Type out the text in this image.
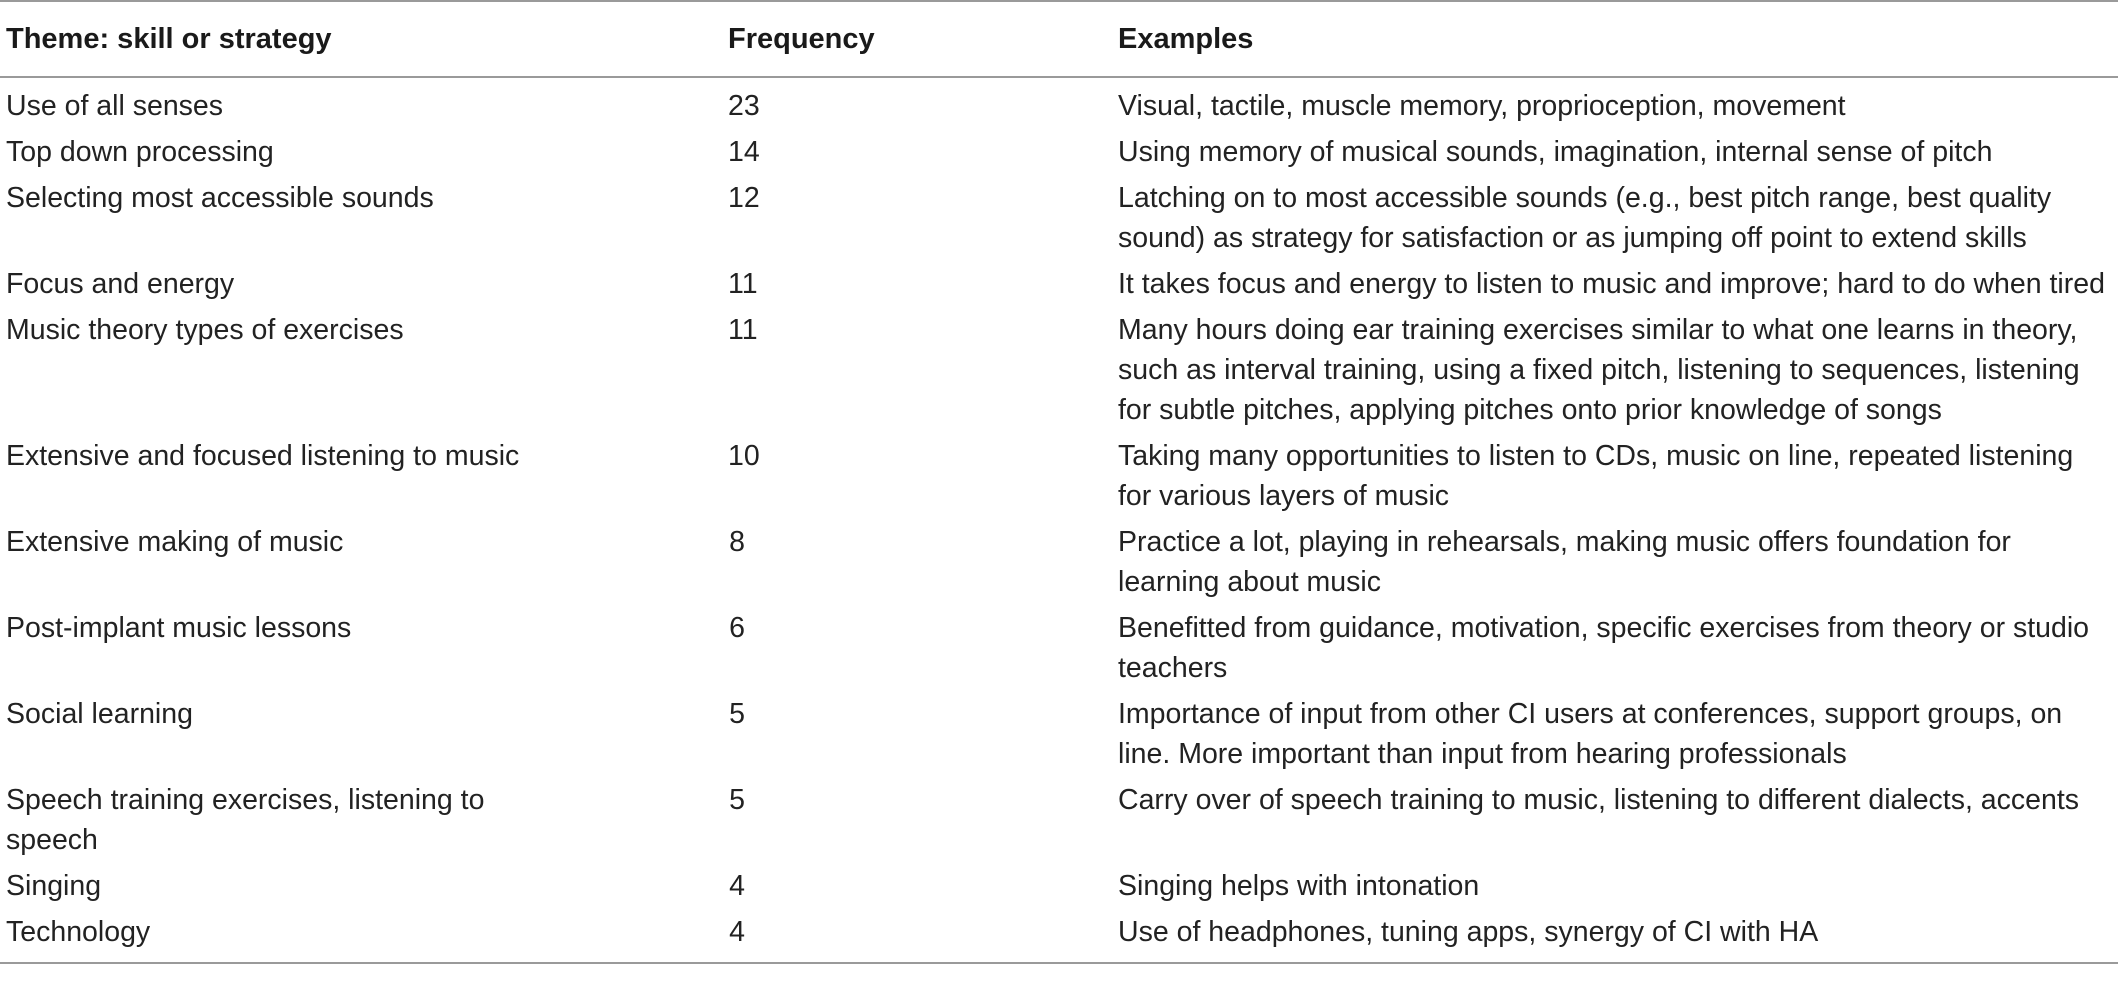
Theme: skill or strategy	Frequency	Examples
Use of all senses	23	Visual, tactile, muscle memory, proprioception, movement
Top down processing	14	Using memory of musical sounds, imagination, internal sense of pitch
Selecting most accessible sounds	12	Latching on to most accessible sounds (e.g., best pitch range, best quality sound) as strategy for satisfaction or as jumping off point to extend skills
Focus and energy	11	It takes focus and energy to listen to music and improve; hard to do when tired
Music theory types of exercises	11	Many hours doing ear training exercises similar to what one learns in theory, such as interval training, using a fixed pitch, listening to sequences, listening for subtle pitches, applying pitches onto prior knowledge of songs
Extensive and focused listening to music	10	Taking many opportunities to listen to CDs, music on line, repeated listening for various layers of music
Extensive making of music	8	Practice a lot, playing in rehearsals, making music offers foundation for learning about music
Post-implant music lessons	6	Benefitted from guidance, motivation, specific exercises from theory or studio teachers
Social learning	5	Importance of input from other CI users at conferences, support groups, on line. More important than input from hearing professionals
Speech training exercises, listening to speech	5	Carry over of speech training to music, listening to different dialects, accents
Singing	4	Singing helps with intonation
Technology	4	Use of headphones, tuning apps, synergy of CI with HA
